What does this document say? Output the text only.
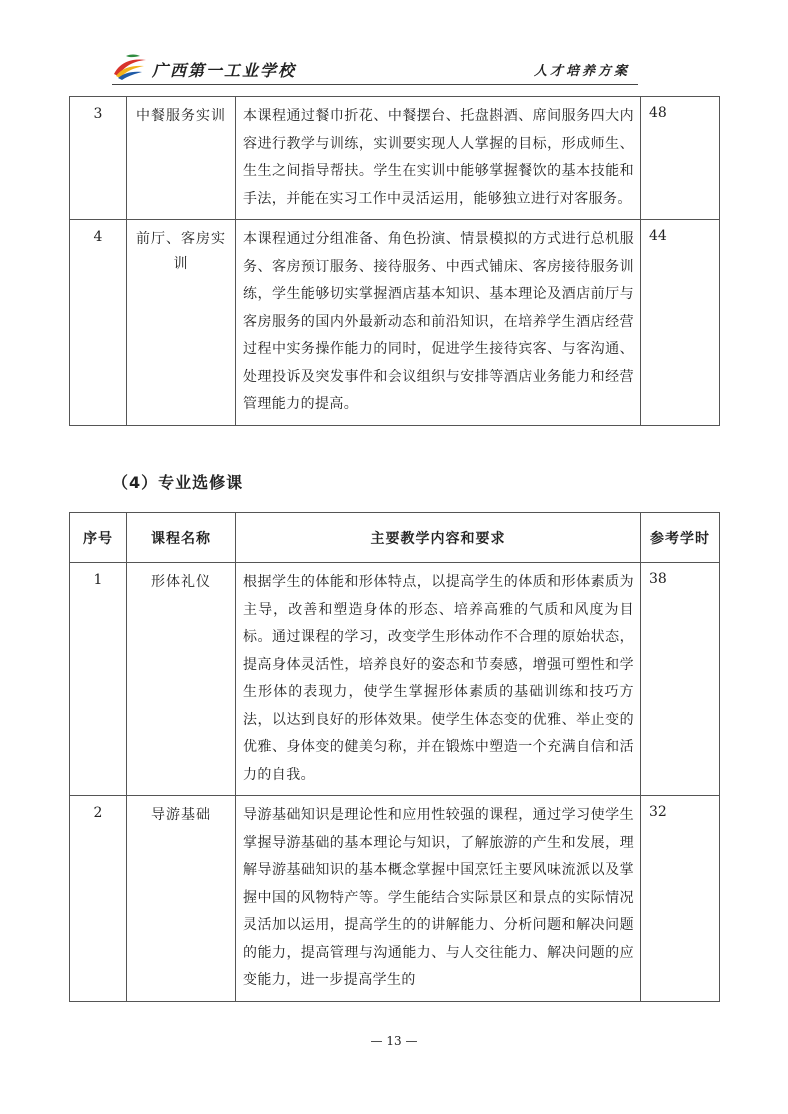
广西第一工业学校	人才培养方案
3	中餐服务实训	本课程通过餐巾折花、中餐摆台、托盘斟酒、席间服务四大内容进行教学与训练，实训要实现人人掌握的目标，形成师生、生生之间指导帮扶。学生在实训中能够掌握餐饮的基本技能和手法，并能在实习工作中灵活运用，能够独立进行对客服务。	48
4	前厅、客房实训	本课程通过分组准备、角色扮演、情景模拟的方式进行总机服务、客房预订服务、接待服务、中西式铺床、客房接待服务训练，学生能够切实掌握酒店基本知识、基本理论及酒店前厅与客房服务的国内外最新动态和前沿知识，在培养学生酒店经营过程中实务操作能力的同时，促进学生接待宾客、与客沟通、处理投诉及突发事件和会议组织与安排等酒店业务能力和经营管理能力的提高。	44
（4）专业选修课
序号	课程名称	主要教学内容和要求	参考学时
1	形体礼仪	根据学生的体能和形体特点，以提高学生的体质和形体素质为主导，改善和塑造身体的形态、培养高雅的气质和风度为目标。通过课程的学习，改变学生形体动作不合理的原始状态，提高身体灵活性，培养良好的姿态和节奏感，增强可塑性和学生形体的表现力，使学生掌握形体素质的基础训练和技巧方法，以达到良好的形体效果。使学生体态变的优雅、举止变的优雅、身体变的健美匀称，并在锻炼中塑造一个充满自信和活力的自我。	38
2	导游基础	导游基础知识是理论性和应用性较强的课程，通过学习使学生掌握导游基础的基本理论与知识，了解旅游的产生和发展，理解导游基础知识的基本概念掌握中国烹饪主要风味流派以及掌握中国的风物特产等。学生能结合实际景区和景点的实际情况灵活加以运用，提高学生的的讲解能力、分析问题和解决问题的能力，提高管理与沟通能力、与人交往能力、解决问题的应变能力，进一步提高学生的	32
— 13 —
